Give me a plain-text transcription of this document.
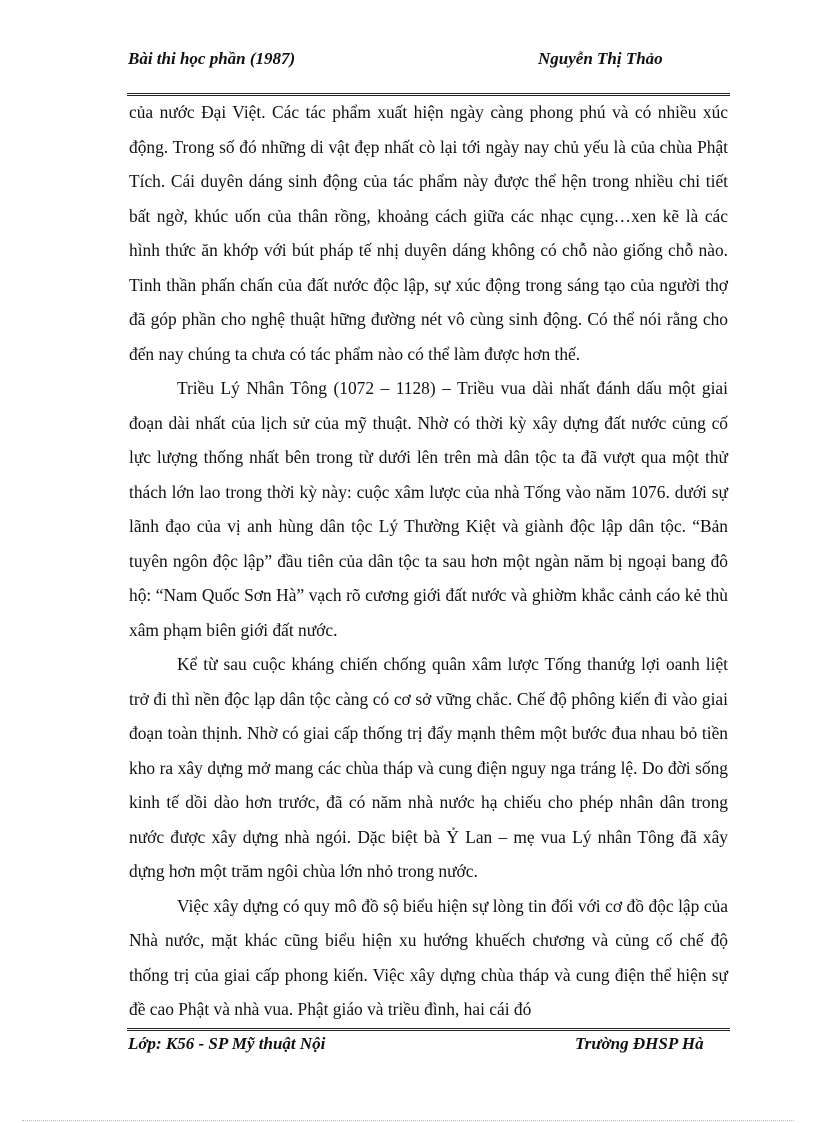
Bài thi học phần (1987)	Nguyễn Thị Thảo

của nước Đại Việt. Các tác phẩm xuất hiện ngày càng phong phú và có nhiều xúc động. Trong số đó những di vật đẹp nhất cò lại tới ngày nay chủ yếu là của chùa Phật Tích. Cái duyên dáng sinh động của tác phẩm này được thể hện trong nhiều chi tiết bất ngờ, khúc uốn của thân rồng, khoảng cách giữa các nhạc cụng…xen kẽ là các hình thức ăn khớp với bút pháp tế nhị duyên dáng không có chỗ nào giống chỗ nào. Tinh thần phấn chấn của đất nước độc lập, sự xúc động trong sáng tạo của người thợ đã góp phần cho nghệ thuật hững đường nét vô cùng sinh động. Có thể nói rằng cho đến nay chúng ta chưa có tác phẩm nào có thể làm được hơn thế.

Triều Lý Nhân Tông (1072 – 1128) – Triều vua dài nhất đánh dấu một giai đoạn dài nhất của lịch sử của mỹ thuật. Nhờ có thời kỳ xây dựng đất nước củng cố lực lượng thống nhất bên trong từ dưới lên trên mà dân tộc ta đã vượt qua một thử thách lớn lao trong thời kỳ này: cuộc xâm lược của nhà Tống vào năm 1076. dưới sự lãnh đạo của vị anh hùng dân tộc Lý Thường Kiệt và giành độc lập dân tộc. “Bản tuyên ngôn độc lập” đầu tiên của dân tộc ta sau hơn một ngàn năm bị ngoại bang đô hộ: “Nam Quốc Sơn Hà” vạch rõ cương giới đất nước và ghiờm khắc cảnh cáo kẻ thù xâm phạm biên giới đất nước.

Kể từ sau cuộc kháng chiến chống quân xâm lược Tống thanứg lợi oanh liệt trở đi thì nền độc lạp dân tộc càng có cơ sở vững chắc. Chế độ phông kiến đi vào giai đoạn toàn thịnh. Nhờ có giai cấp thống trị đẩy mạnh thêm một bước đua nhau bỏ tiền kho ra xây dựng mở mang các chùa tháp và cung điện nguy nga tráng lệ. Do đời sống kinh tế dồi dào hơn trước, đã có năm nhà nước hạ chiếu cho phép nhân dân trong nước được xây dựng nhà ngói. Dặc biệt bà Ỷ Lan – mẹ vua Lý nhân Tông đã xây dựng hơn một trăm ngôi chùa lớn nhỏ trong nước.

Việc xây dựng có quy mô đồ sộ biểu hiện sự lòng tin đối với cơ đồ độc lập của Nhà nước, mặt khác cũng biểu hiện xu hướng khuếch chương và củng cố chế độ thống trị của giai cấp phong kiến. Việc xây dựng chùa tháp và cung điện thể hiện sự đề cao Phật và nhà vua. Phật giáo và triều đình, hai cái đó

Lớp: K56 - SP Mỹ thuật Nội	Trường ĐHSP Hà
